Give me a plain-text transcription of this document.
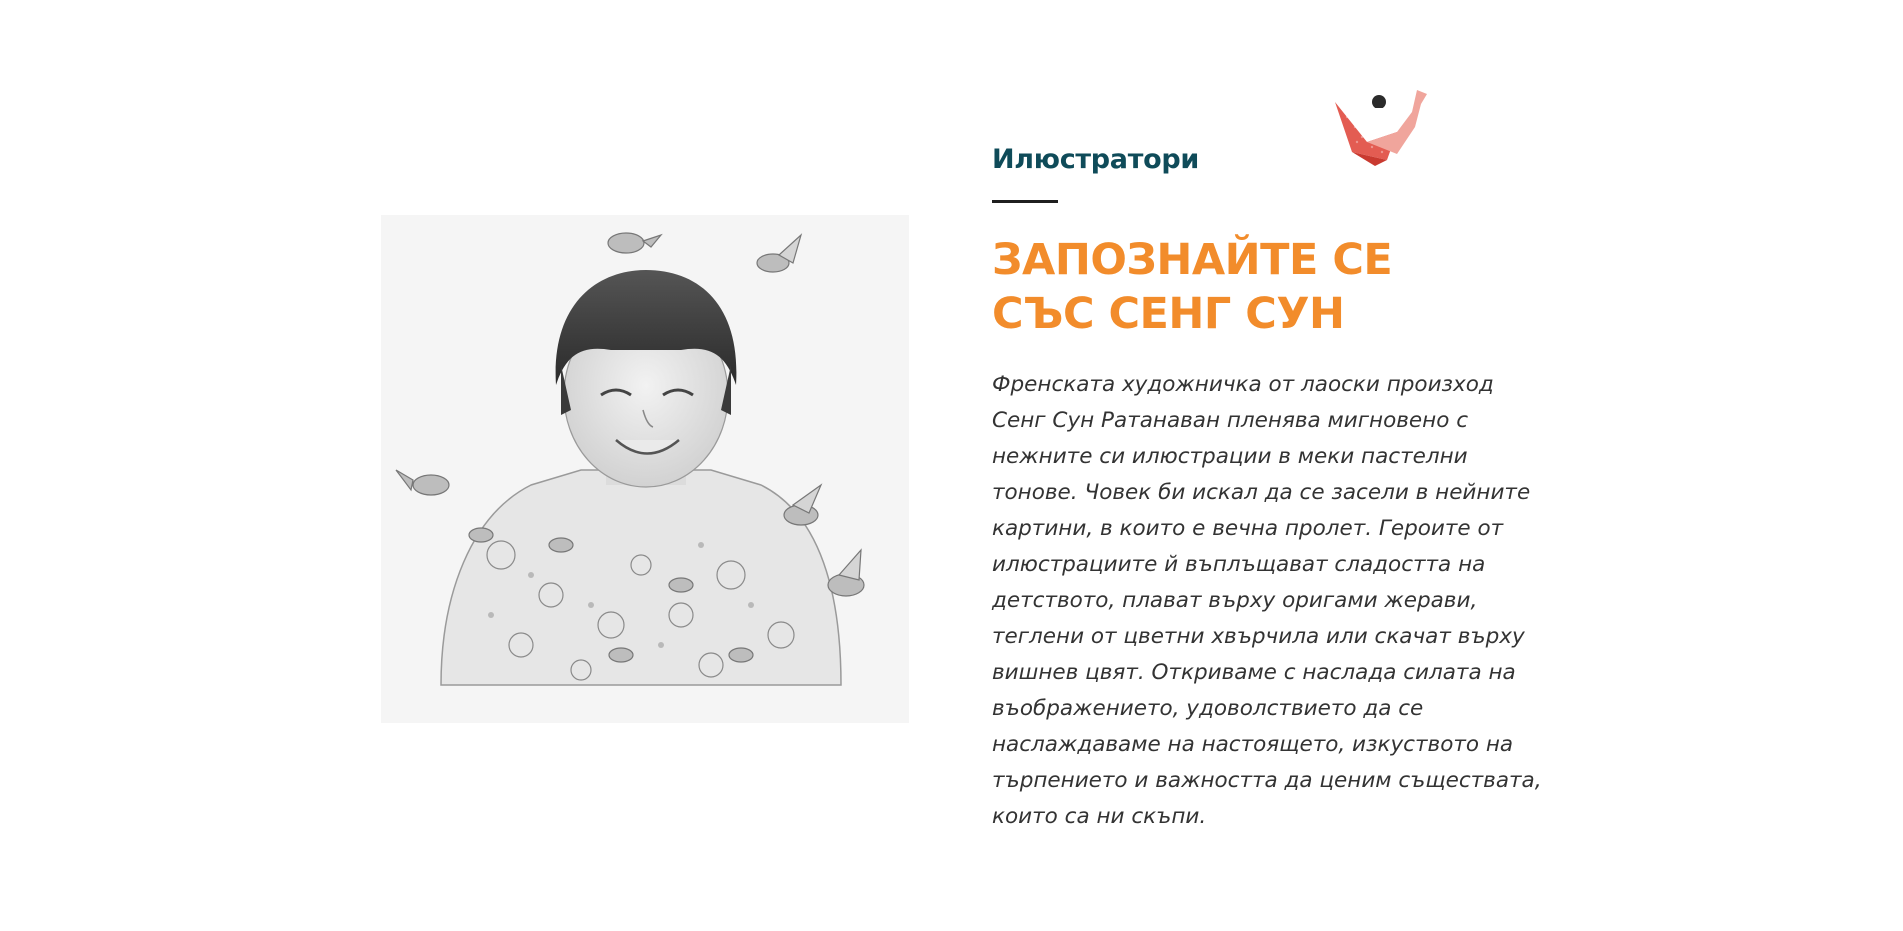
Илюстратори
ЗАПОЗНАЙТЕ СЕ
СЪС СЕНГ СУН

Френската художничка от лаоски произход Сенг Сун Ратанаван пленява мигновено с нежните си илюстрации в меки пастелни тонове. Човек би искал да се засели в нейните картини, в които е вечна пролет. Героите от илюстрациите й въплъщават сладостта на детството, плават върху оригами жерави, теглени от цветни хвърчила или скачат върху вишнев цвят. Откриваме с наслада силата на въображението, удоволствието да се наслаждаваме на настоящето, изкуството на търпението и важността да ценим съществата, които са ни скъпи.
